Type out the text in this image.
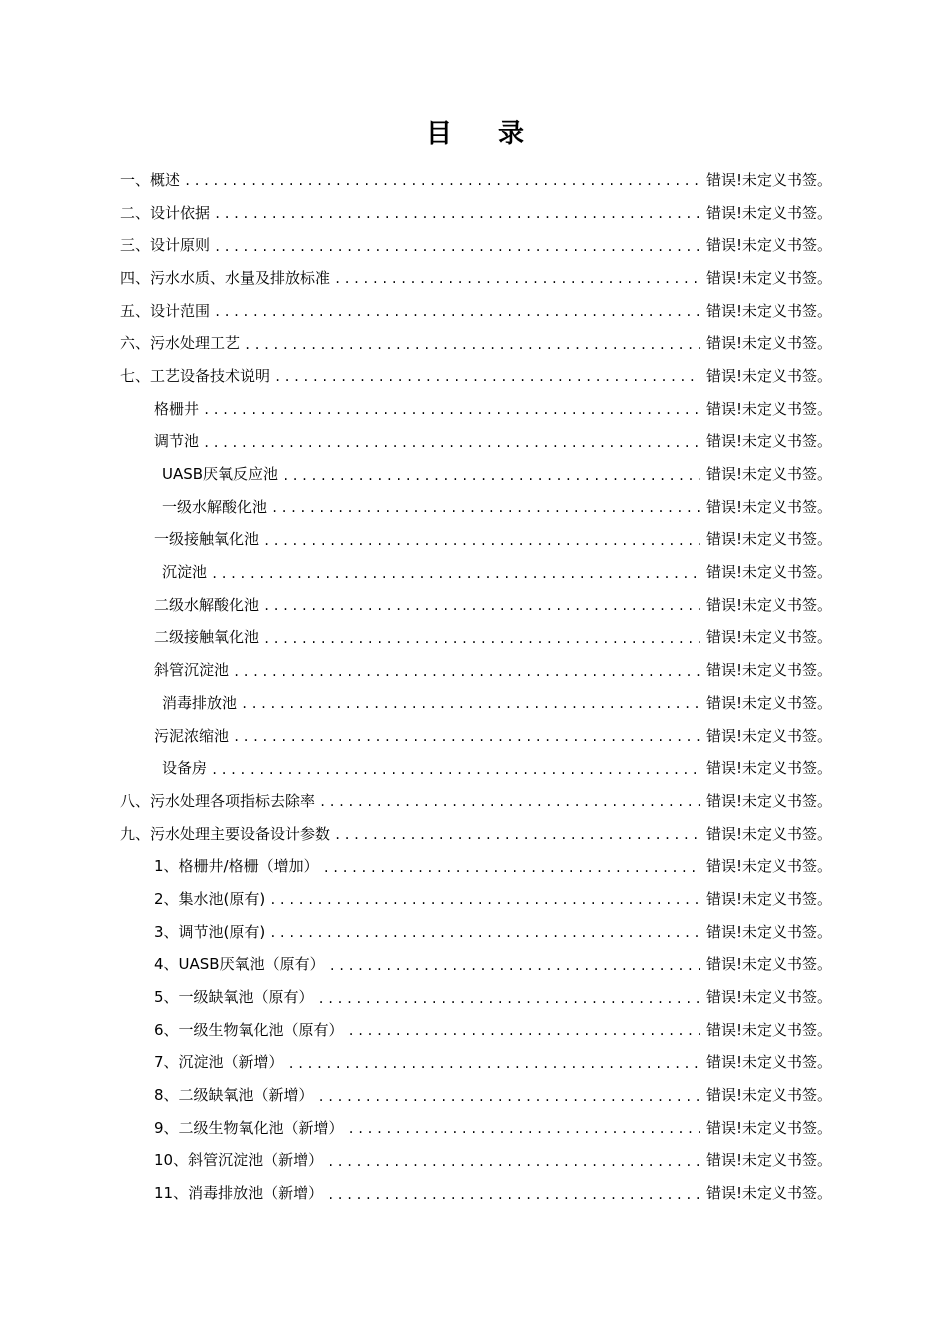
目录
一、概述 .....	错误!未定义书签。
二、设计依据 .....	错误!未定义书签。
三、设计原则 .....	错误!未定义书签。
四、污水水质、水量及排放标准 .....	错误!未定义书签。
五、设计范围 .....	错误!未定义书签。
六、污水处理工艺 .....	错误!未定义书签。
七、工艺设备技术说明 .....	错误!未定义书签。
格栅井 .....	错误!未定义书签。
调节池 .....	错误!未定义书签。
UASB厌氧反应池 .....	错误!未定义书签。
一级水解酸化池 .....	错误!未定义书签。
一级接触氧化池 .....	错误!未定义书签。
沉淀池 .....	错误!未定义书签。
二级水解酸化池 .....	错误!未定义书签。
二级接触氧化池 .....	错误!未定义书签。
斜管沉淀池 .....	错误!未定义书签。
消毒排放池 .....	错误!未定义书签。
污泥浓缩池 .....	错误!未定义书签。
设备房 .....	错误!未定义书签。
八、污水处理各项指标去除率 .....	错误!未定义书签。
九、污水处理主要设备设计参数 .....	错误!未定义书签。
1、格栅井/格栅（增加） .....	错误!未定义书签。
2、集水池(原有) .....	错误!未定义书签。
3、调节池(原有) .....	错误!未定义书签。
4、UASB厌氧池（原有） .....	错误!未定义书签。
5、一级缺氧池（原有） .....	错误!未定义书签。
6、一级生物氧化池（原有） .....	错误!未定义书签。
7、沉淀池（新增） .....	错误!未定义书签。
8、二级缺氧池（新增） .....	错误!未定义书签。
9、二级生物氧化池（新增） .....	错误!未定义书签。
10、斜管沉淀池（新增） .....	错误!未定义书签。
11、消毒排放池（新增） .....	错误!未定义书签。
